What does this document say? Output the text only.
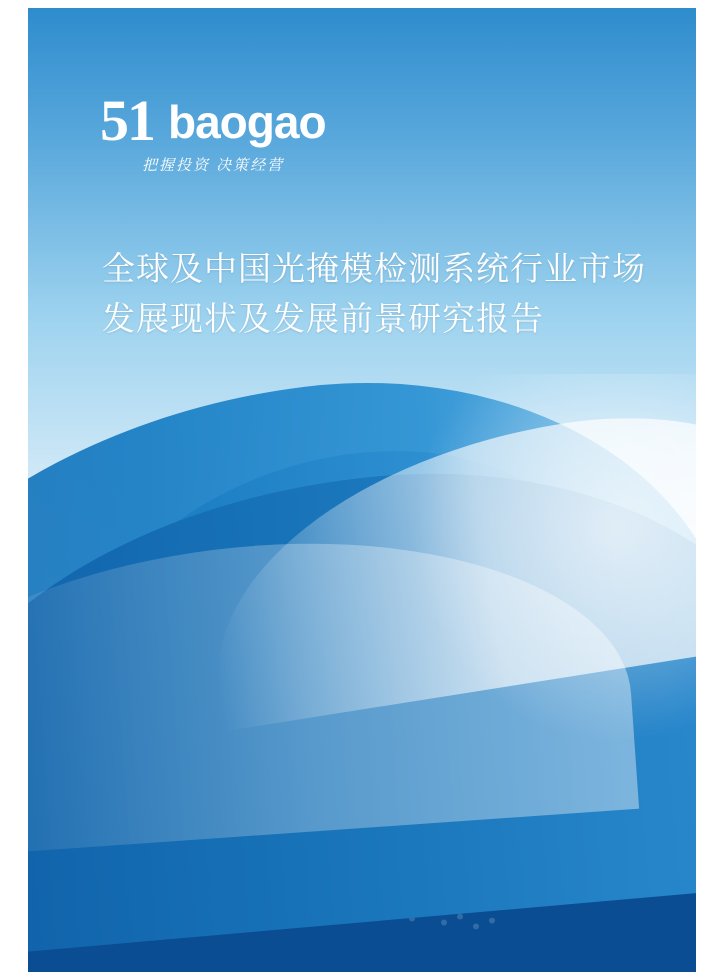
51 baogao
把握投资 决策经营
全球及中国光掩模检测系统行业市场
发展现状及发展前景研究报告
